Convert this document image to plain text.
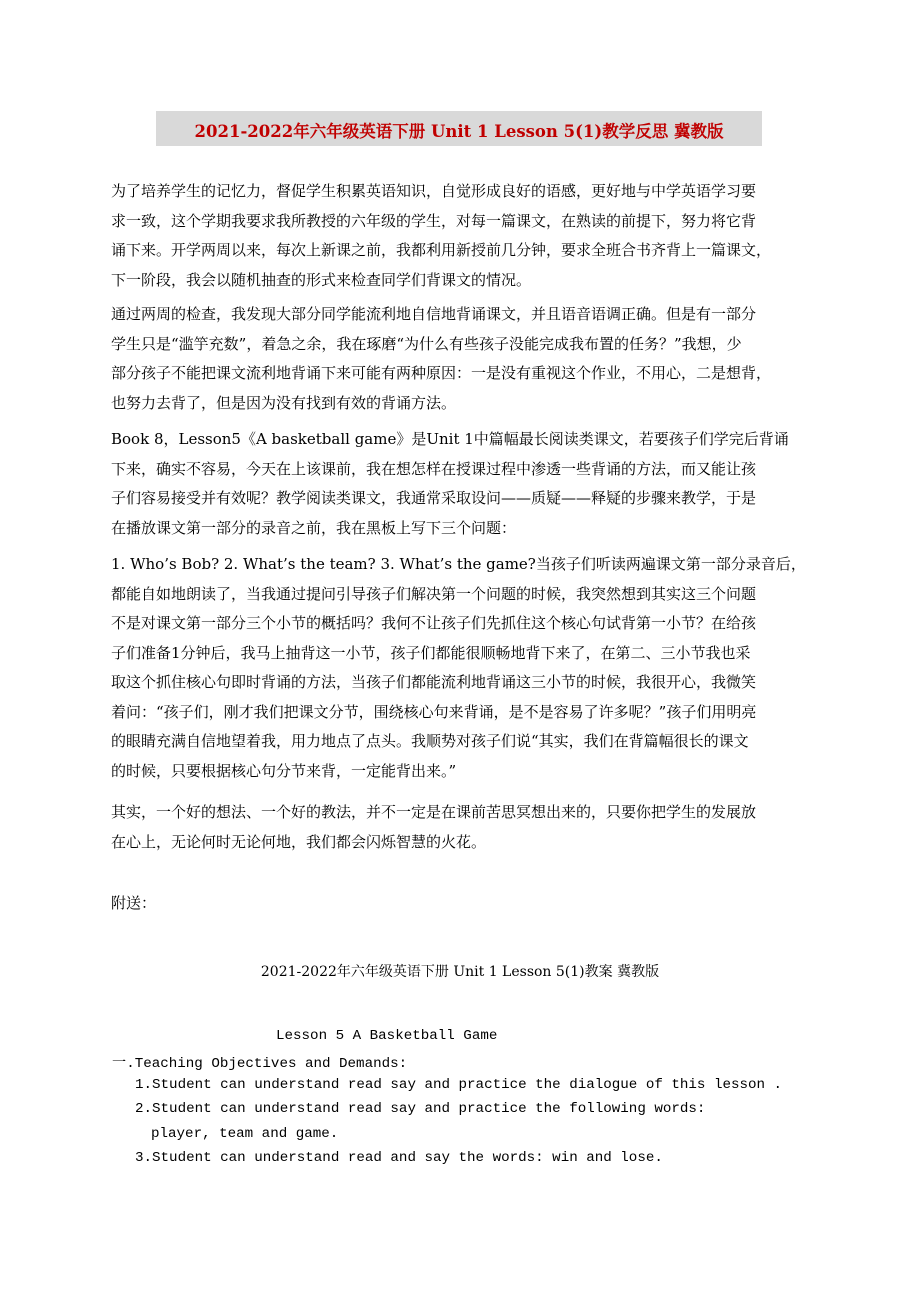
2021-2022年六年级英语下册 Unit 1 Lesson 5(1)教学反思 冀教版
为了培养学生的记忆力，督促学生积累英语知识，自觉形成良好的语感，更好地与中学英语学习要
求一致，这个学期我要求我所教授的六年级的学生，对每一篇课文，在熟读的前提下，努力将它背
诵下来。开学两周以来，每次上新课之前，我都利用新授前几分钟，要求全班合书齐背上一篇课文，
下一阶段，我会以随机抽查的形式来检查同学们背课文的情况。
通过两周的检查，我发现大部分同学能流利地自信地背诵课文，并且语音语调正确。但是有一部分
学生只是“滥竽充数”，着急之余，我在琢磨“为什么有些孩子没能完成我布置的任务？”我想，少
部分孩子不能把课文流利地背诵下来可能有两种原因：一是没有重视这个作业，不用心，二是想背，
也努力去背了，但是因为没有找到有效的背诵方法。
Book 8，Lesson5《A basketball game》是Unit 1中篇幅最长阅读类课文，若要孩子们学完后背诵
下来，确实不容易，今天在上该课前，我在想怎样在授课过程中渗透一些背诵的方法，而又能让孩
子们容易接受并有效呢？教学阅读类课文，我通常采取设问——质疑——释疑的步骤来教学，于是
在播放课文第一部分的录音之前，我在黑板上写下三个问题：
1. Who’s Bob? 2. What’s the team? 3. What’s the game?当孩子们听读两遍课文第一部分录音后，
都能自如地朗读了，当我通过提问引导孩子们解决第一个问题的时候，我突然想到其实这三个问题
不是对课文第一部分三个小节的概括吗？我何不让孩子们先抓住这个核心句试背第一小节？在给孩
子们准备1分钟后，我马上抽背这一小节，孩子们都能很顺畅地背下来了，在第二、三小节我也采
取这个抓住核心句即时背诵的方法，当孩子们都能流利地背诵这三小节的时候，我很开心，我微笑
着问：“孩子们，刚才我们把课文分节，围绕核心句来背诵，是不是容易了许多呢？”孩子们用明亮
的眼睛充满自信地望着我，用力地点了点头。我顺势对孩子们说“其实，我们在背篇幅很长的课文
的时候，只要根据核心句分节来背，一定能背出来。”
其实，一个好的想法、一个好的教法，并不一定是在课前苦思冥想出来的，只要你把学生的发展放
在心上，无论何时无论何地，我们都会闪烁智慧的火花。
附送：
2021-2022年六年级英语下册 Unit 1 Lesson 5(1)教案 冀教版
Lesson 5 A Basketball Game
一.Teaching Objectives and Demands:
1.Student can understand read say and practice the dialogue of this lesson .
2.Student can understand read say and practice the following words:
player, team and game.
3.Student can understand read and say the words: win and lose.
